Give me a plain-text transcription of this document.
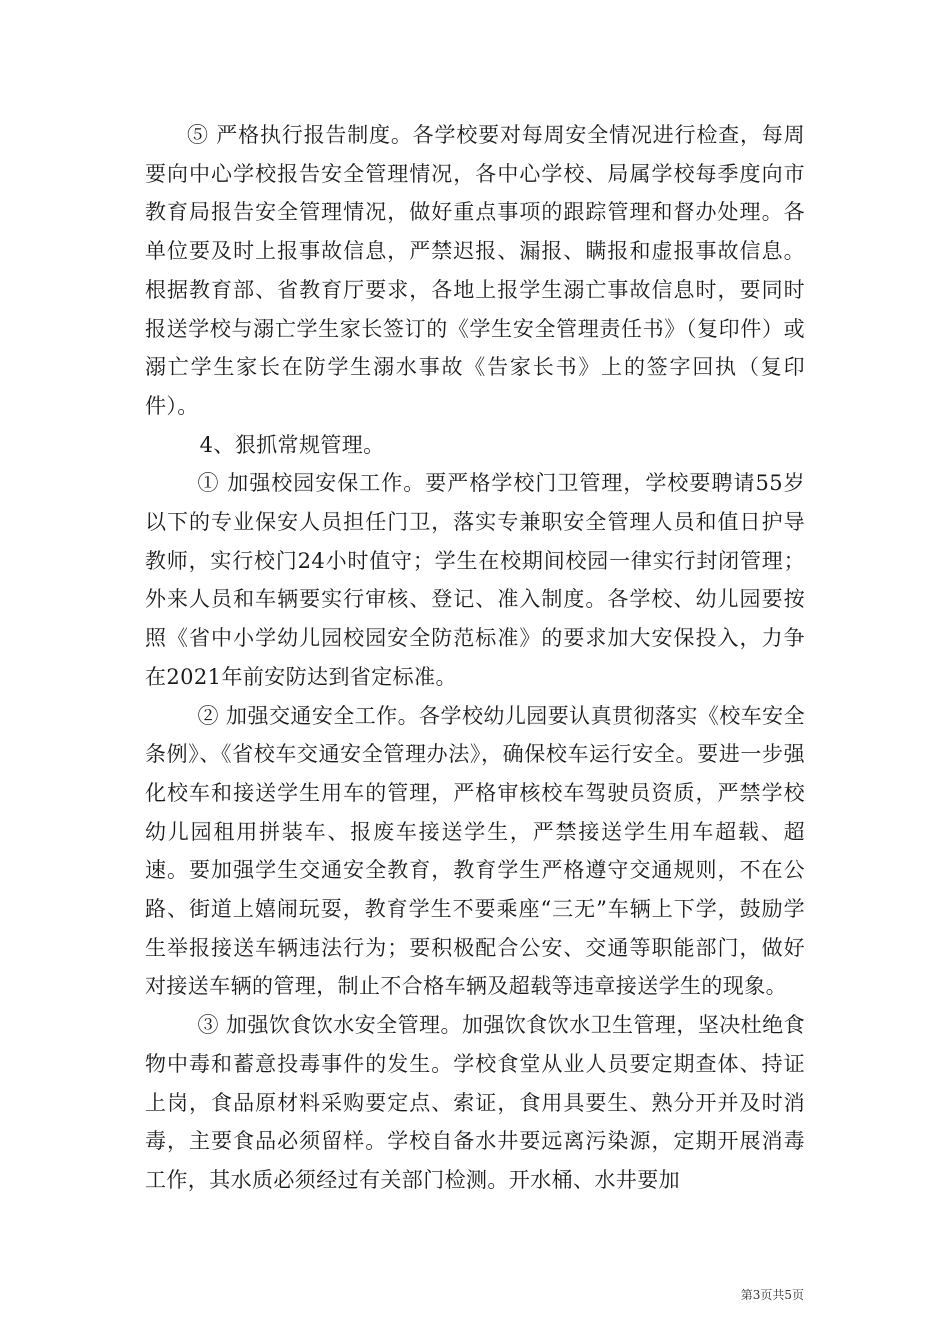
⑤ 严格执行报告制度。各学校要对每周安全情况进行检查，每周要向中心学校报告安全管理情况，各中心学校、局属学校每季度向市教育局报告安全管理情况，做好重点事项的跟踪管理和督办处理。各单位要及时上报事故信息，严禁迟报、漏报、瞒报和虚报事故信息。根据教育部、省教育厅要求，各地上报学生溺亡事故信息时，要同时报送学校与溺亡学生家长签订的《学生安全管理责任书》（复印件）或溺亡学生家长在防学生溺水事故《告家长书》上的签字回执（复印件）。

4、狠抓常规管理。

① 加强校园安保工作。要严格学校门卫管理，学校要聘请55岁以下的专业保安人员担任门卫，落实专兼职安全管理人员和值日护导教师，实行校门24小时值守；学生在校期间校园一律实行封闭管理；外来人员和车辆要实行审核、登记、准入制度。各学校、幼儿园要按照《省中小学幼儿园校园安全防范标准》的要求加大安保投入，力争在2021年前安防达到省定标准。

② 加强交通安全工作。各学校幼儿园要认真贯彻落实《校车安全条例》、《省校车交通安全管理办法》，确保校车运行安全。要进一步强化校车和接送学生用车的管理，严格审核校车驾驶员资质，严禁学校幼儿园租用拼装车、报废车接送学生，严禁接送学生用车超载、超速。要加强学生交通安全教育，教育学生严格遵守交通规则，不在公路、街道上嬉闹玩耍，教育学生不要乘座“三无”车辆上下学，鼓励学生举报接送车辆违法行为；要积极配合公安、交通等职能部门，做好对接送车辆的管理，制止不合格车辆及超载等违章接送学生的现象。

③ 加强饮食饮水安全管理。加强饮食饮水卫生管理，坚决杜绝食物中毒和蓄意投毒事件的发生。学校食堂从业人员要定期查体、持证上岗，食品原材料采购要定点、索证，食用具要生、熟分开并及时消毒，主要食品必须留样。学校自备水井要远离污染源，定期开展消毒工作，其水质必须经过有关部门检测。开水桶、水井要加

第3页共5页
